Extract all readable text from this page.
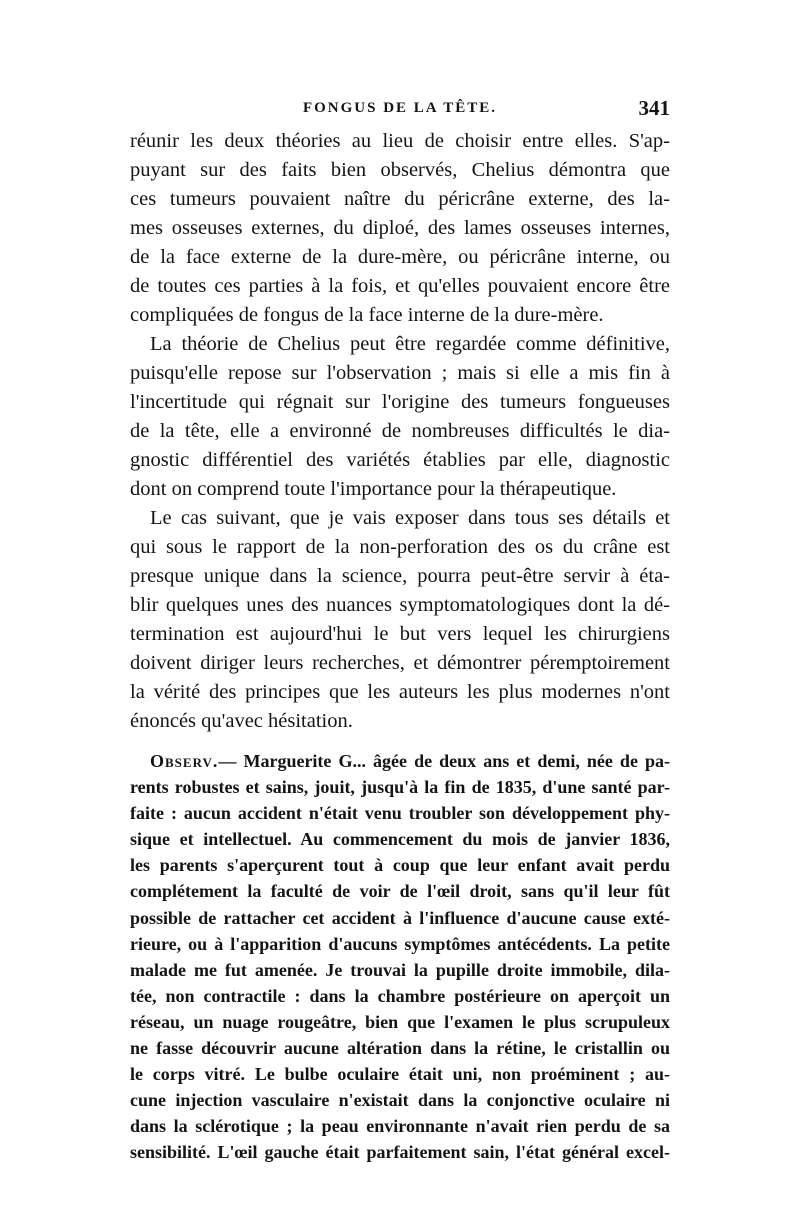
FONGUS DE LA TÊTE.	341
réunir les deux théories au lieu de choisir entre elles. S'ap-
puyant sur des faits bien observés, Chelius démontra que
ces tumeurs pouvaient naître du péricrâne externe, des la-
mes osseuses externes, du diploé, des lames osseuses internes,
de la face externe de la dure-mère, ou péricrâne interne, ou
de toutes ces parties à la fois, et qu'elles pouvaient encore être
compliquées de fongus de la face interne de la dure-mère.
La théorie de Chelius peut être regardée comme définitive,
puisqu'elle repose sur l'observation ; mais si elle a mis fin à
l'incertitude qui régnait sur l'origine des tumeurs fongueuses
de la tête, elle a environné de nombreuses difficultés le dia-
gnostic différentiel des variétés établies par elle, diagnostic
dont on comprend toute l'importance pour la thérapeutique.
Le cas suivant, que je vais exposer dans tous ses détails et
qui sous le rapport de la non-perforation des os du crâne est
presque unique dans la science, pourra peut-être servir à éta-
blir quelques unes des nuances symptomatologiques dont la dé-
termination est aujourd'hui le but vers lequel les chirurgiens
doivent diriger leurs recherches, et démontrer péremptoirement
la vérité des principes que les auteurs les plus modernes n'ont
énoncés qu'avec hésitation.
Observ.— Marguerite G... âgée de deux ans et demi, née de pa-
rents robustes et sains, jouit, jusqu'à la fin de 1835, d'une santé par-
faite : aucun accident n'était venu troubler son développement phy-
sique et intellectuel. Au commencement du mois de janvier 1836,
les parents s'aperçurent tout à coup que leur enfant avait perdu
complétement la faculté de voir de l'œil droit, sans qu'il leur fût
possible de rattacher cet accident à l'influence d'aucune cause exté-
rieure, ou à l'apparition d'aucuns symptômes antécédents. La petite
malade me fut amenée. Je trouvai la pupille droite immobile, dila-
tée, non contractile : dans la chambre postérieure on aperçoit un
réseau, un nuage rougeâtre, bien que l'examen le plus scrupuleux
ne fasse découvrir aucune altération dans la rétine, le cristallin ou
le corps vitré. Le bulbe oculaire était uni, non proéminent ; au-
cune injection vasculaire n'existait dans la conjonctive oculaire ni
dans la sclérotique ; la peau environnante n'avait rien perdu de sa
sensibilité. L'œil gauche était parfaitement sain, l'état général excel-
